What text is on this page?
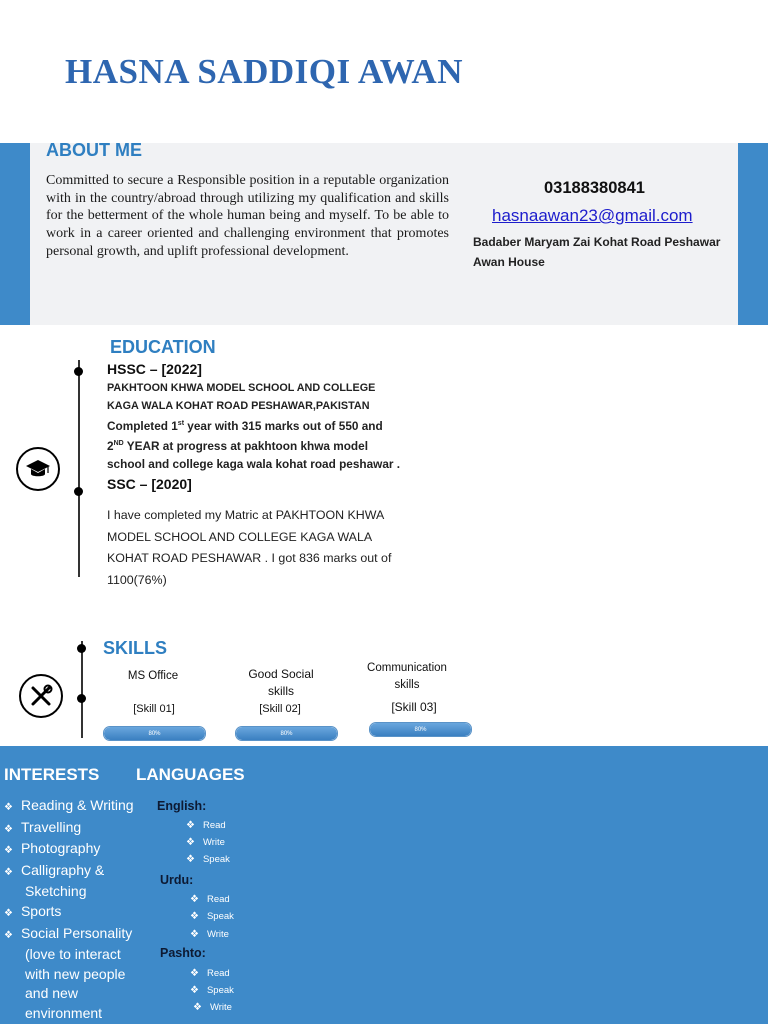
HASNA SADDIQI AWAN
ABOUT ME
Committed to secure a Responsible position in a reputable organization with in the country/abroad through utilizing my qualification and skills for the betterment of the whole human being and myself. To be able to work in a career oriented and challenging environment that promotes personal growth, and uplift professional development.
03188380841
hasnaawan23@gmail.com
Badaber Maryam Zai Kohat Road Peshawar
Awan House
EDUCATION
HSSC – [2022]
PAKHTOON KHWA MODEL SCHOOL AND COLLEGE
KAGA WALA KOHAT ROAD PESHAWAR,PAKISTAN
Completed 1st year with 315 marks out of 550 and
2ND YEAR at progress at pakhtoon khwa model
school and college kaga wala kohat road peshawar .
SSC – [2020]
I have completed my Matric at PAKHTOON KHWA
MODEL SCHOOL AND COLLEGE KAGA WALA
KOHAT ROAD PESHAWAR . I got 836 marks out of
1100(76%)
SKILLS
MS Office
[Skill 01]
80%
Good Social
skills
[Skill 02]
80%
Communication
skills
[Skill 03]
80%
INTERESTS LANGUAGES
❖ Reading & Writing
❖ Travelling
❖ Photography
❖ Calligraphy &
Sketching
❖ Sports
❖ Social Personality
(love to interact
with new people
and new
environment
English:
❖ Read
❖ Write
❖ Speak
Urdu:
❖ Read
❖ Speak
❖ Write
Pashto:
❖ Read
❖ Speak
❖ Write
